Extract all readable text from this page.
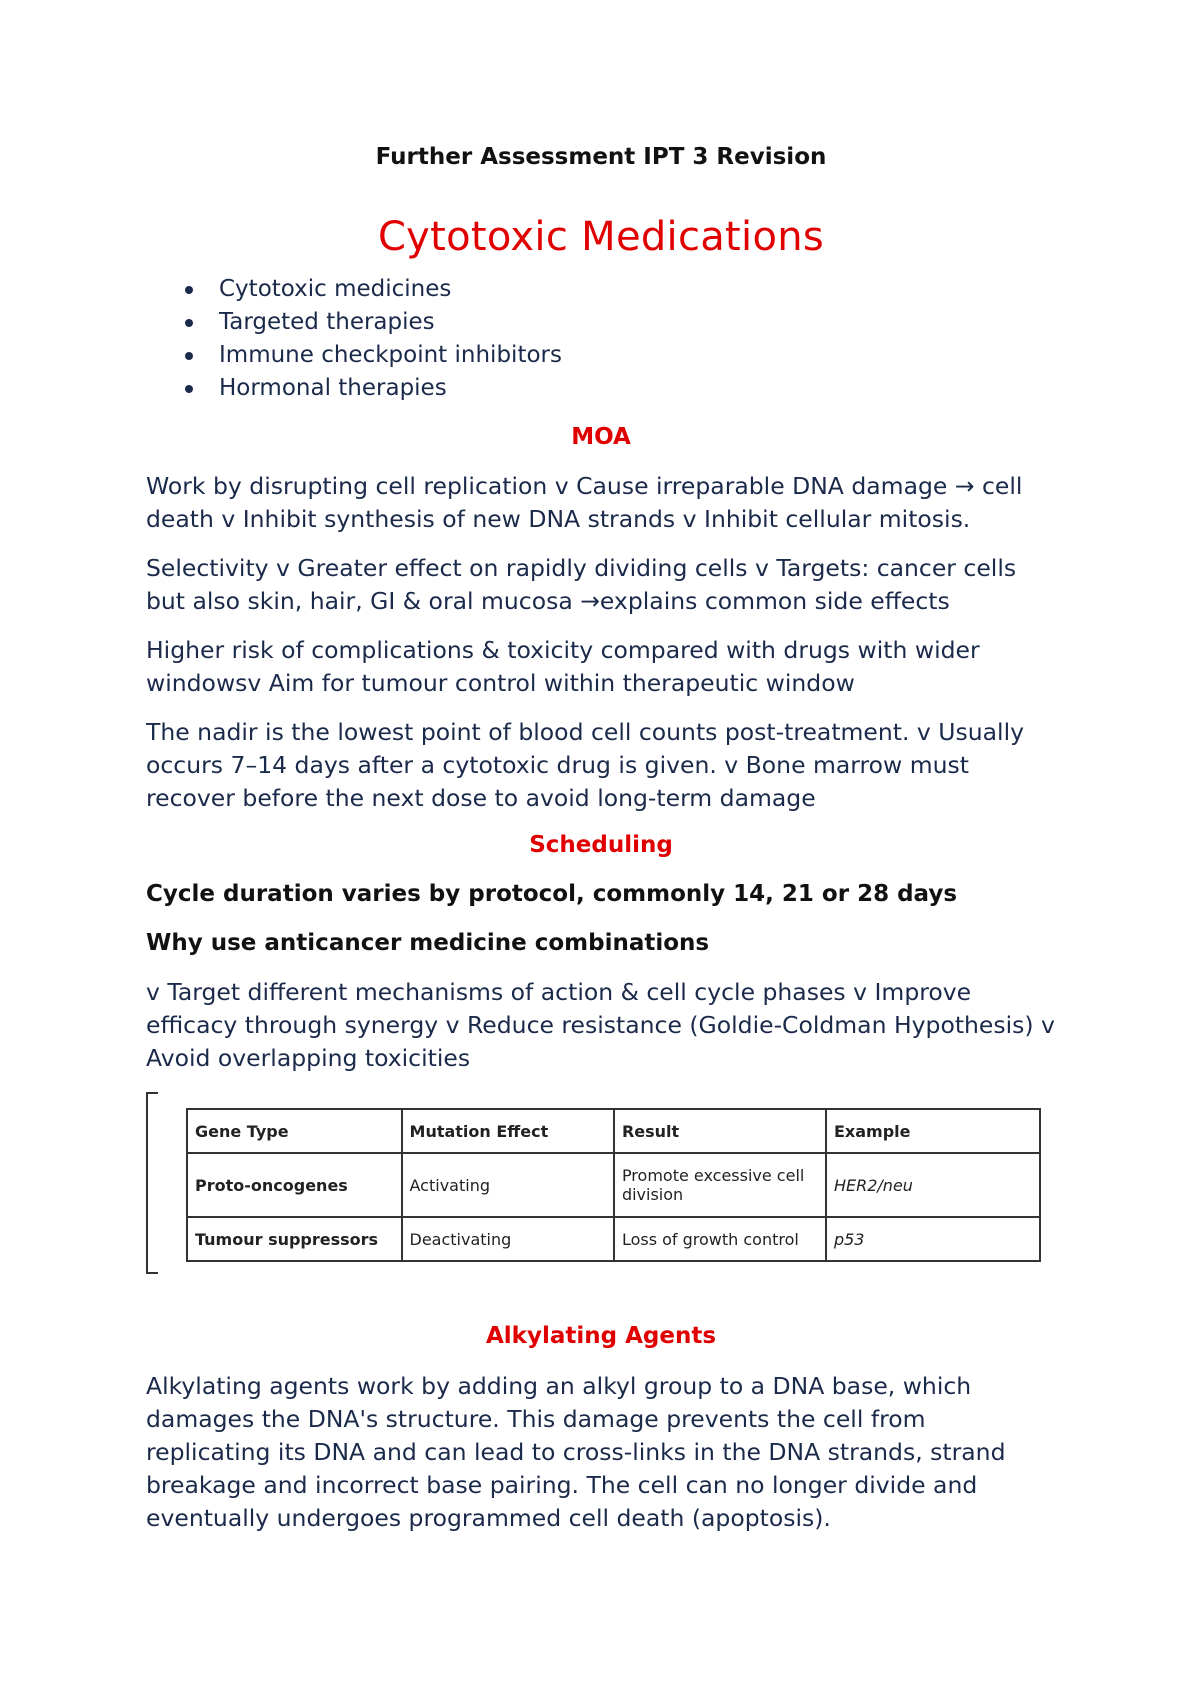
Further Assessment IPT 3 Revision
Cytotoxic Medications
Cytotoxic medicines
Targeted therapies
Immune checkpoint inhibitors
Hormonal therapies
MOA

Work by disrupting cell replication v Cause irreparable DNA damage → cell death v Inhibit synthesis of new DNA strands v Inhibit cellular mitosis.

Selectivity v Greater effect on rapidly dividing cells v Targets: cancer cells but also skin, hair, GI & oral mucosa →explains common side effects

Higher risk of complications & toxicity compared with drugs with wider windowsv Aim for tumour control within therapeutic window

The nadir is the lowest point of blood cell counts post-treatment. v Usually occurs 7–14 days after a cytotoxic drug is given. v Bone marrow must recover before the next dose to avoid long-term damage

Scheduling

Cycle duration varies by protocol, commonly 14, 21 or 28 days

Why use anticancer medicine combinations

v Target different mechanisms of action & cell cycle phases v Improve efficacy through synergy v Reduce resistance (Goldie-Coldman Hypothesis) v Avoid overlapping toxicities

Gene Type	Mutation Effect	Result	Example
Proto-oncogenes	Activating	Promote excessive cell division	HER2/neu
Tumour suppressors	Deactivating	Loss of growth control	p53
Alkylating Agents

Alkylating agents work by adding an alkyl group to a DNA base, which damages the DNA's structure. This damage prevents the cell from replicating its DNA and can lead to cross-links in the DNA strands, strand breakage and incorrect base pairing. The cell can no longer divide and eventually undergoes programmed cell death (apoptosis).
